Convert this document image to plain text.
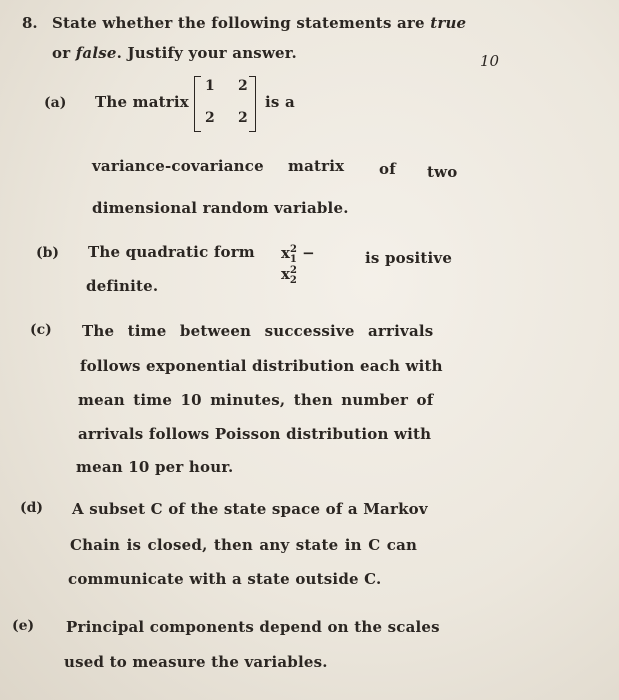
8. State whether the following statements are true
or false. Justify your answer.	10
(a) The matrix
1 2
2 2
is a
variance-covariance matrix of two
dimensional random variable.
(b) The quadratic form $x^2_1 - x^2_2$
is positive
definite.
(c) The time between successive arrivals
follows exponential distribution each with
mean time 10 minutes, then number of
arrivals follows Poisson distribution with
mean 10 per hour.
(d) A subset C of the state space of a Markov
Chain is closed, then any state in C can
communicate with a state outside C.
(e) Principal components depend on the scales
used to measure the variables.
